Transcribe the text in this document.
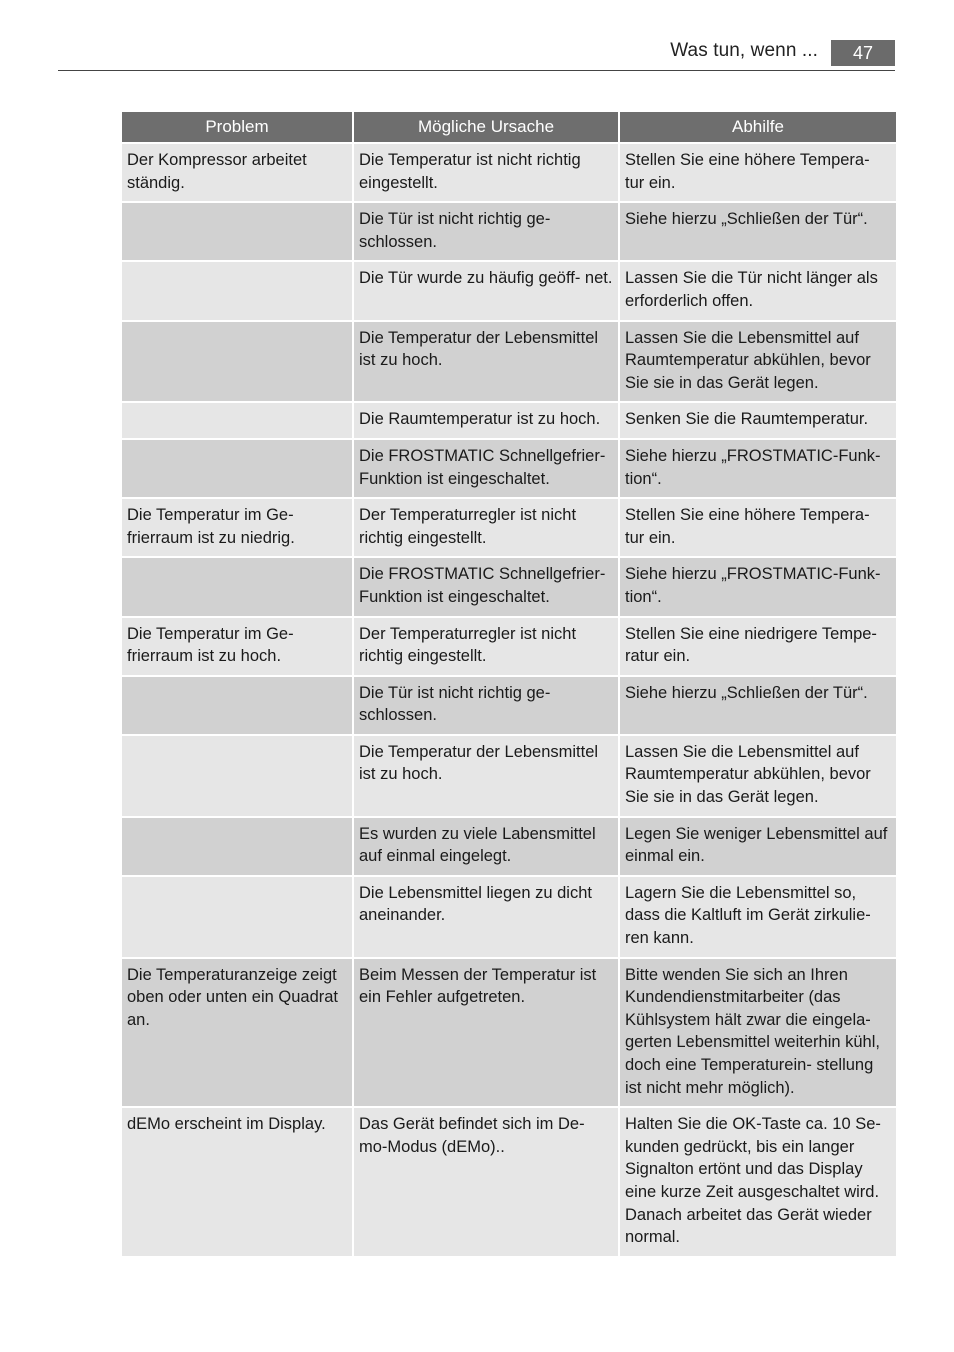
Was tun, wenn ...	47
Problem	Mögliche Ursache	Abhilfe
Der Kompressor arbeitet ständig.	Die Temperatur ist nicht richtig eingestellt.	Stellen Sie eine höhere Tempera- tur ein.
	Die Tür ist nicht richtig ge- schlossen.	Siehe hierzu „Schließen der Tür“.
	Die Tür wurde zu häufig geöff- net.	Lassen Sie die Tür nicht länger als erforderlich offen.
	Die Temperatur der Lebensmittel ist zu hoch.	Lassen Sie die Lebensmittel auf Raumtemperatur abkühlen, bevor Sie sie in das Gerät legen.
	Die Raumtemperatur ist zu hoch.	Senken Sie die Raumtemperatur.
	Die FROSTMATIC Schnellgefrier- Funktion ist eingeschaltet.	Siehe hierzu „FROSTMATIC-Funk- tion“.
Die Temperatur im Ge- frierraum ist zu niedrig.	Der Temperaturregler ist nicht richtig eingestellt.	Stellen Sie eine höhere Tempera- tur ein.
	Die FROSTMATIC Schnellgefrier- Funktion ist eingeschaltet.	Siehe hierzu „FROSTMATIC-Funk- tion“.
Die Temperatur im Ge- frierraum ist zu hoch.	Der Temperaturregler ist nicht richtig eingestellt.	Stellen Sie eine niedrigere Tempe- ratur ein.
	Die Tür ist nicht richtig ge- schlossen.	Siehe hierzu „Schließen der Tür“.
	Die Temperatur der Lebensmittel ist zu hoch.	Lassen Sie die Lebensmittel auf Raumtemperatur abkühlen, bevor Sie sie in das Gerät legen.
	Es wurden zu viele Labensmittel auf einmal eingelegt.	Legen Sie weniger Lebensmittel auf einmal ein.
	Die Lebensmittel liegen zu dicht aneinander.	Lagern Sie die Lebensmittel so, dass die Kaltluft im Gerät zirkulie- ren kann.
Die Temperaturanzeige zeigt oben oder unten ein Quadrat an.	Beim Messen der Temperatur ist ein Fehler aufgetreten.	Bitte wenden Sie sich an Ihren Kundendienstmitarbeiter (das Kühlsystem hält zwar die eingela- gerten Lebensmittel weiterhin kühl, doch eine Temperaturein- stellung ist nicht mehr möglich).
dEMo erscheint im Display.	Das Gerät befindet sich im De- mo-Modus (dEMo)..	Halten Sie die OK-Taste ca. 10 Se- kunden gedrückt, bis ein langer Signalton ertönt und das Display eine kurze Zeit ausgeschaltet wird. Danach arbeitet das Gerät wieder normal.
